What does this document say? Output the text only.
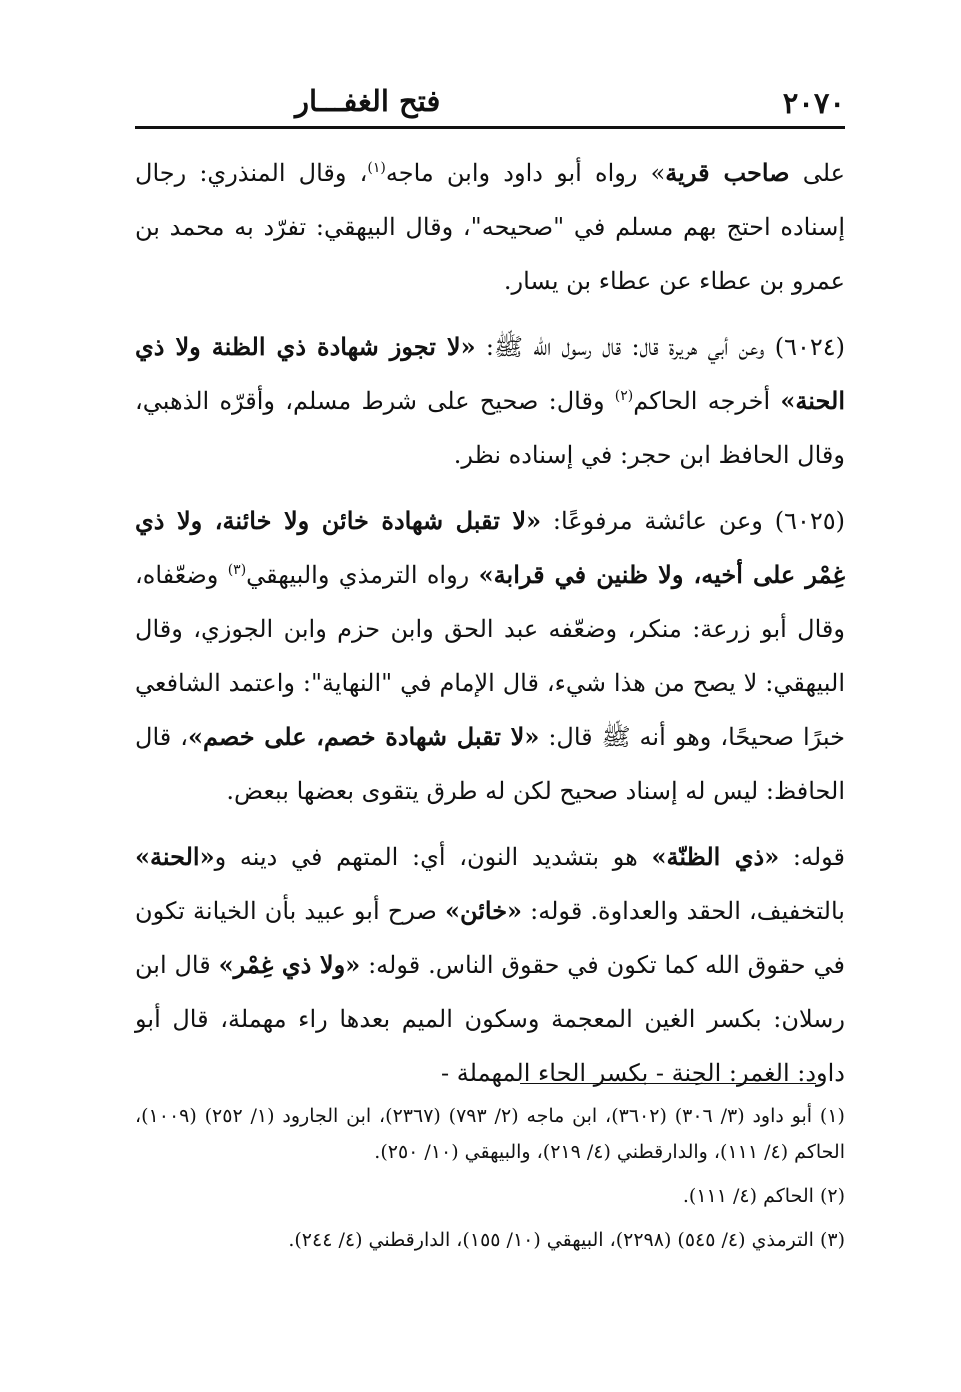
٢٠٧٠
فتح الغفـــار

على صاحب قرية» رواه أبو داود وابن ماجه$^{(١)}$، وقال المنذري: رجال إسناده احتج بهم مسلم في "صحيحه"، وقال البيهقي: تفرّد به محمد بن عمرو بن عطاء عن عطاء بن يسار.

(٦٠٢٤) وعن أبي هريرة قال: قال رسول الله ﷺ: «لا تجوز شهادة ذي الظنة ولا ذي الحنة» أخرجه الحاكم$^{(٢)}$ وقال: صحيح على شرط مسلم، وأقرّه الذهبي، وقال الحافظ ابن حجر: في إسناده نظر.

(٦٠٢٥) وعن عائشة مرفوعًا: «لا تقبل شهادة خائن ولا خائنة، ولا ذي غِمْر على أخيه، ولا ظنين في قرابة» رواه الترمذي والبيهقي$^{(٣)}$ وضعّفاه، وقال أبو زرعة: منكر، وضعّفه عبد الحق وابن حزم وابن الجوزي، وقال البيهقي: لا يصح من هذا شيء، قال الإمام في "النهاية": واعتمد الشافعي خبرًا صحيحًا، وهو أنه ﷺ قال: «لا تقبل شهادة خصم، على خصم»، قال الحافظ: ليس له إسناد صحيح لكن له طرق يتقوى بعضها ببعض.

قوله: «ذي الظنّة» هو بتشديد النون، أي: المتهم في دينه و«الحنة» بالتخفيف، الحقد والعداوة. قوله: «خائن» صرح أبو عبيد بأن الخيانة تكون في حقوق الله كما تكون في حقوق الناس. قوله: «ولا ذي غِمْر» قال ابن رسلان: بكسر الغين المعجمة وسكون الميم بعدها راء مهملة، قال أبو داود: الغمر: الحِنة - بكسر الحاء المهملة -

(١) أبو داود (٣/ ٣٠٦) (٣٦٠٢)، ابن ماجه (٢/ ٧٩٣) (٢٣٦٧)، ابن الجارود (١/ ٢٥٢) (١٠٠٩)، الحاكم (٤/ ١١١)، والدارقطني (٤/ ٢١٩)، والبيهقي (١٠/ ٢٥٠).

(٢) الحاكم (٤/ ١١١).

(٣) الترمذي (٤/ ٥٤٥) (٢٢٩٨)، البيهقي (١٠/ ١٥٥)، الدارقطني (٤/ ٢٤٤).
